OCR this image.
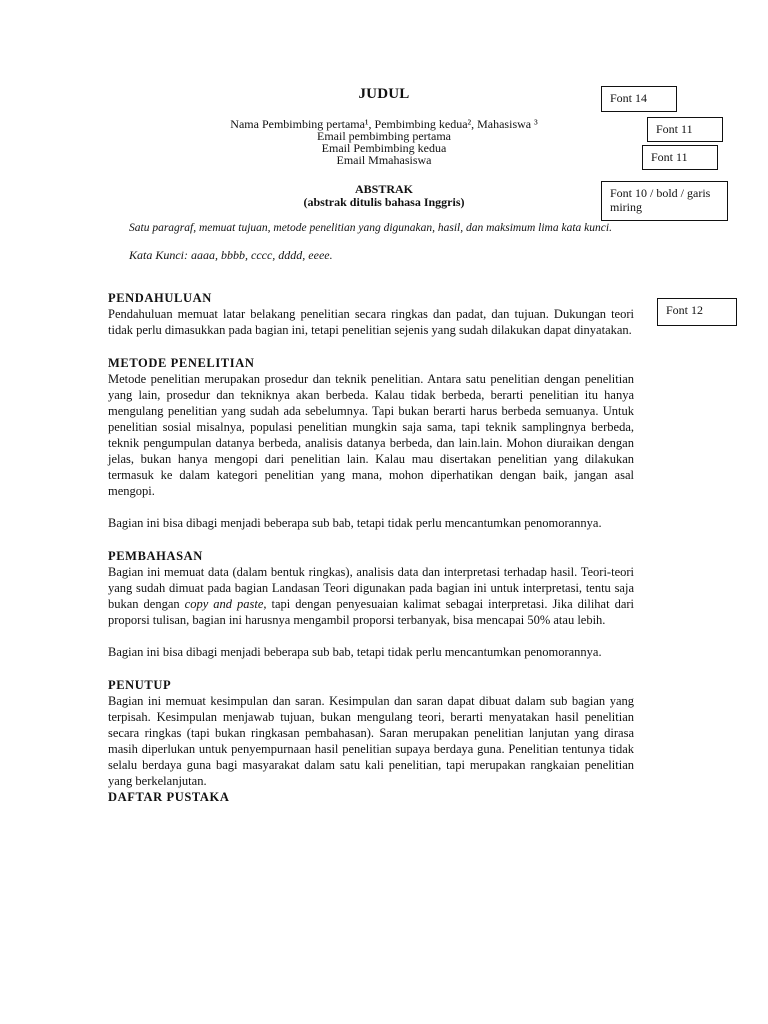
JUDUL
Nama Pembimbing pertama¹, Pembimbing kedua², Mahasiswa ³
Email pembimbing pertama
Email Pembimbing kedua
Email Mmahasiswa
ABSTRAK
(abstrak ditulis bahasa Inggris)
Satu paragraf, memuat tujuan, metode penelitian yang digunakan, hasil, dan maksimum lima kata kunci.
Kata Kunci: aaaa, bbbb, cccc, dddd, eeee.
PENDAHULUAN

Pendahuluan memuat latar belakang penelitian secara ringkas dan padat, dan tujuan. Dukungan teori tidak perlu dimasukkan pada bagian ini, tetapi penelitian sejenis yang sudah dilakukan dapat dinyatakan.

METODE PENELITIAN

Metode penelitian merupakan prosedur dan teknik penelitian. Antara satu penelitian dengan penelitian yang lain, prosedur dan tekniknya akan berbeda. Kalau tidak berbeda, berarti penelitian itu hanya mengulang penelitian yang sudah ada sebelumnya. Tapi bukan berarti harus berbeda semuanya. Untuk penelitian sosial misalnya, populasi penelitian mungkin saja sama, tapi teknik samplingnya berbeda, teknik pengumpulan datanya berbeda, analisis datanya berbeda, dan lain.lain. Mohon diuraikan dengan jelas, bukan hanya mengopi dari penelitian lain. Kalau mau disertakan penelitian yang dilakukan termasuk ke dalam kategori penelitian yang mana, mohon diperhatikan dengan baik, jangan asal mengopi.

Bagian ini bisa dibagi menjadi beberapa sub bab, tetapi tidak perlu mencantumkan penomorannya.

PEMBAHASAN

Bagian ini memuat data (dalam bentuk ringkas), analisis data dan interpretasi terhadap hasil. Teori-teori yang sudah dimuat pada bagian Landasan Teori digunakan pada bagian ini untuk interpretasi, tentu saja bukan dengan copy and paste, tapi dengan penyesuaian kalimat sebagai interpretasi. Jika dilihat dari proporsi tulisan, bagian ini harusnya mengambil proporsi terbanyak, bisa mencapai 50% atau lebih.

Bagian ini bisa dibagi menjadi beberapa sub bab, tetapi tidak perlu mencantumkan penomorannya.

PENUTUP

Bagian ini memuat kesimpulan dan saran. Kesimpulan dan saran dapat dibuat dalam sub bagian yang terpisah. Kesimpulan menjawab tujuan, bukan mengulang teori, berarti menyatakan hasil penelitian secara ringkas (tapi bukan ringkasan pembahasan). Saran merupakan penelitian lanjutan yang dirasa masih diperlukan untuk penyempurnaan hasil penelitian supaya berdaya guna. Penelitian tentunya tidak selalu berdaya guna bagi masyarakat dalam satu kali penelitian, tapi merupakan rangkaian penelitian yang berkelanjutan.

DAFTAR PUSTAKA
Font 14
Font 11
Font 11
Font 10 / bold / garis miring
Font 12
